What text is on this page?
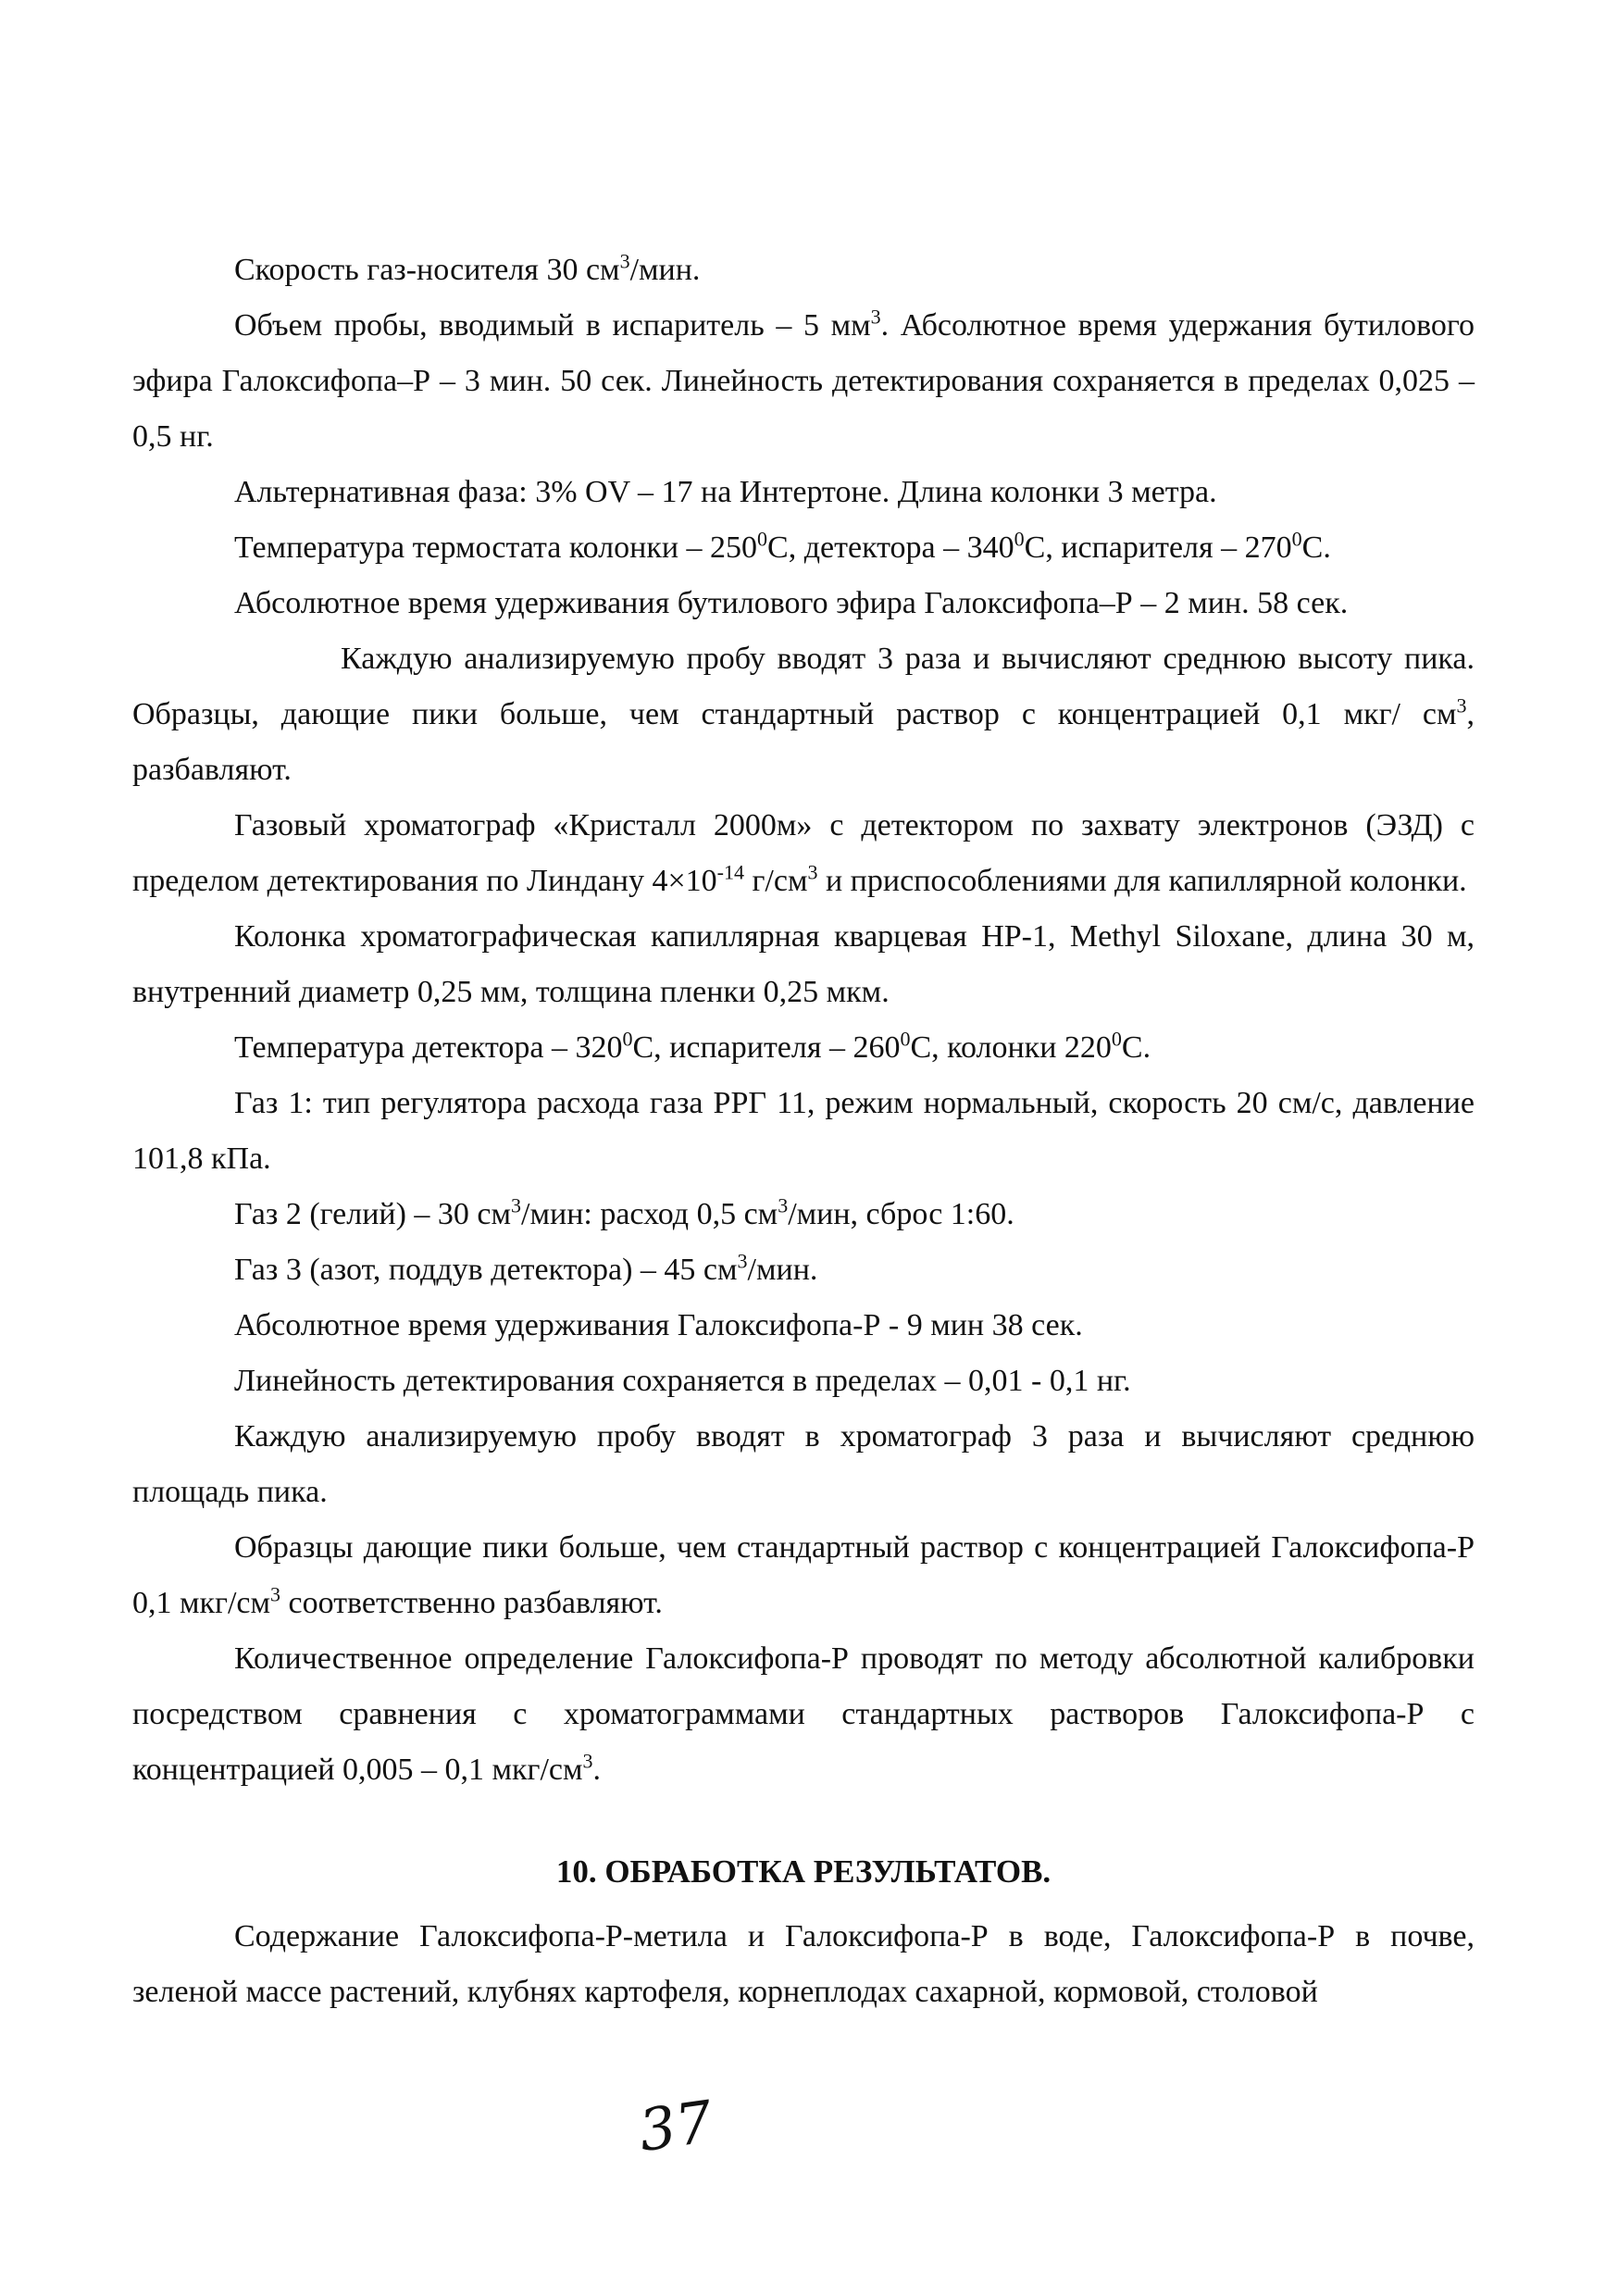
Скорость газ-носителя 30 $см^3$/мин.

Объем пробы, вводимый в испаритель – 5 $мм^3$. Абсолютное время удержания бутилового эфира Галоксифопа–Р – 3 мин. 50 сек. Линейность детектирования сохраняется в пределах 0,025 – 0,5 нг.

Альтернативная фаза: 3% OV – 17 на Интертоне. Длина колонки 3 метра.

Температура термостата колонки – $250^0С$, детектора – $340^0С$, испарителя – $270^0С$.

Абсолютное время удерживания бутилового эфира Галоксифопа–Р – 2 мин. 58 сек.

Каждую анализируемую пробу вводят 3 раза и вычисляют среднюю высоту пика. Образцы, дающие пики больше, чем стандартный раствор с концентрацией 0,1 мкг/ $см^3$, разбавляют.

Газовый хроматограф «Кристалл 2000м» с детектором по захвату электронов (ЭЗД) с пределом детектирования по Линдану $4\times 10^{-14}$ $г/см^3$ и приспособлениями для капиллярной колонки.

Колонка хроматографическая капиллярная кварцевая HP-1, Methyl Siloxane, длина 30 м, внутренний диаметр 0,25 мм, толщина пленки 0,25 мкм.

Температура детектора – $320^0С$, испарителя – $260^0С$, колонки $220^0С$.

Газ 1: тип регулятора расхода газа РРГ 11, режим нормальный, скорость 20 см/с, давление 101,8 кПа.

Газ 2 (гелий) – 30 $см^3$/мин: расход 0,5 $см^3$/мин, сброс 1:60.

Газ 3 (азот, поддув детектора) – 45 $см^3$/мин.

Абсолютное время удерживания Галоксифопа-Р - 9 мин 38 сек.

Линейность детектирования сохраняется в пределах – 0,01 - 0,1 нг.

Каждую анализируемую пробу вводят в хроматограф 3 раза и вычисляют среднюю площадь пика.

Образцы дающие пики больше, чем стандартный раствор с концентрацией Галоксифопа-Р 0,1 мкг/$см^3$ соответственно разбавляют.

Количественное определение Галоксифопа-Р проводят по методу абсолютной калибровки посредством сравнения с хроматограммами стандартных растворов Галоксифопа-Р с концентрацией 0,005 – 0,1 мкг/$см^3$.

10. ОБРАБОТКА РЕЗУЛЬТАТОВ.

Содержание Галоксифопа-Р-метила и Галоксифопа-Р в воде, Галоксифопа-Р в почве, зеленой массе растений, клубнях картофеля, корнеплодах сахарной, кормовой, столовой

37
